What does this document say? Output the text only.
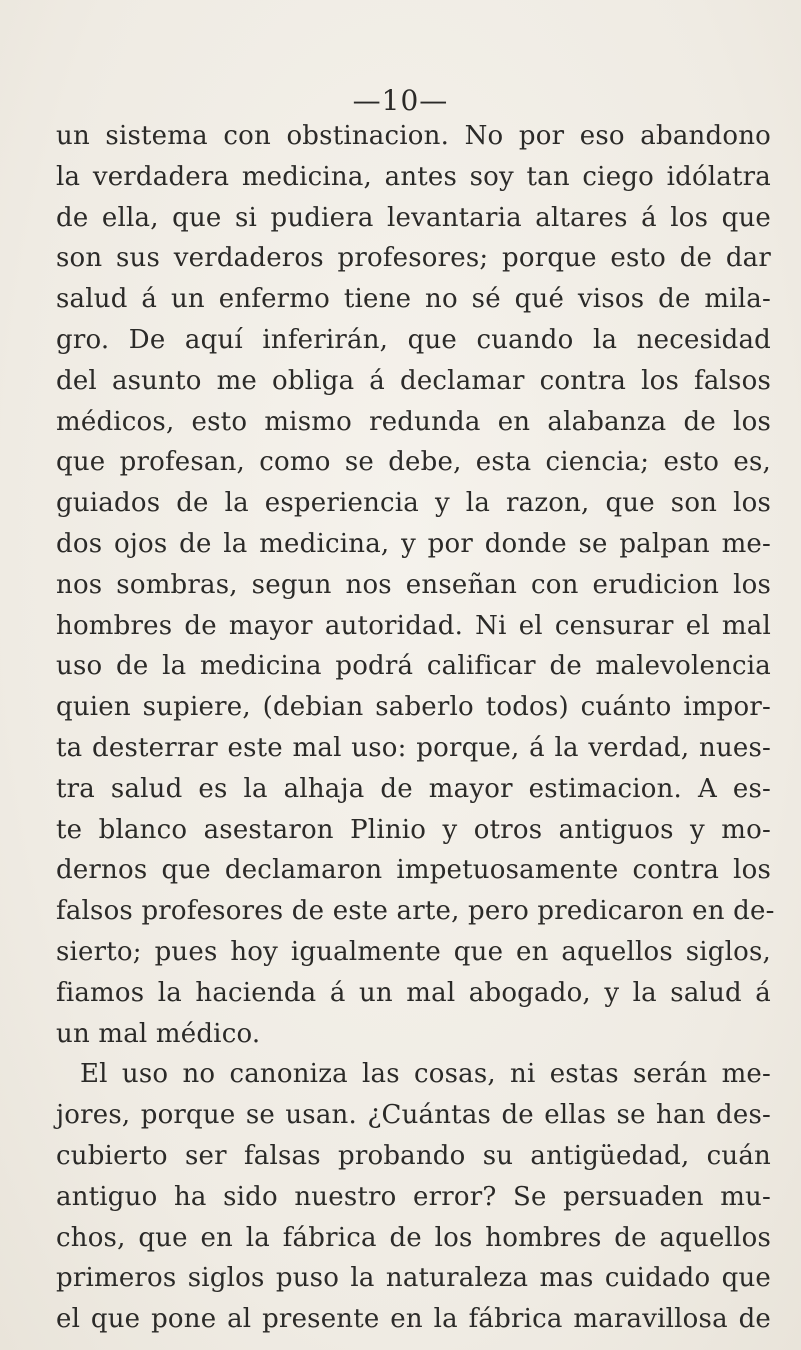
—10—
un sistema con obstinacion. No por eso abandono
la verdadera medicina, antes soy tan ciego idólatra
de ella, que si pudiera levantaria altares á los que
son sus verdaderos profesores; porque esto de dar
salud á un enfermo tiene no sé qué visos de mila-
gro. De aquí inferirán, que cuando la necesidad
del asunto me obliga á declamar contra los falsos
médicos, esto mismo redunda en alabanza de los
que profesan, como se debe, esta ciencia; esto es,
guiados de la esperiencia y la razon, que son los
dos ojos de la medicina, y por donde se palpan me-
nos sombras, segun nos enseñan con erudicion los
hombres de mayor autoridad. Ni el censurar el mal
uso de la medicina podrá calificar de malevolencia
quien supiere, (debian saberlo todos) cuánto impor-
ta desterrar este mal uso: porque, á la verdad, nues-
tra salud es la alhaja de mayor estimacion. A es-
te blanco asestaron Plinio y otros antiguos y mo-
dernos que declamaron impetuosamente contra los
falsos profesores de este arte, pero predicaron en de-
sierto; pues hoy igualmente que en aquellos siglos,
fiamos la hacienda á un mal abogado, y la salud á
un mal médico.
El uso no canoniza las cosas, ni estas serán me-
jores, porque se usan. ¿Cuántas de ellas se han des-
cubierto ser falsas probando su antigüedad, cuán
antiguo ha sido nuestro error? Se persuaden mu-
chos, que en la fábrica de los hombres de aquellos
primeros siglos puso la naturaleza mas cuidado que
el que pone al presente en la fábrica maravillosa de
